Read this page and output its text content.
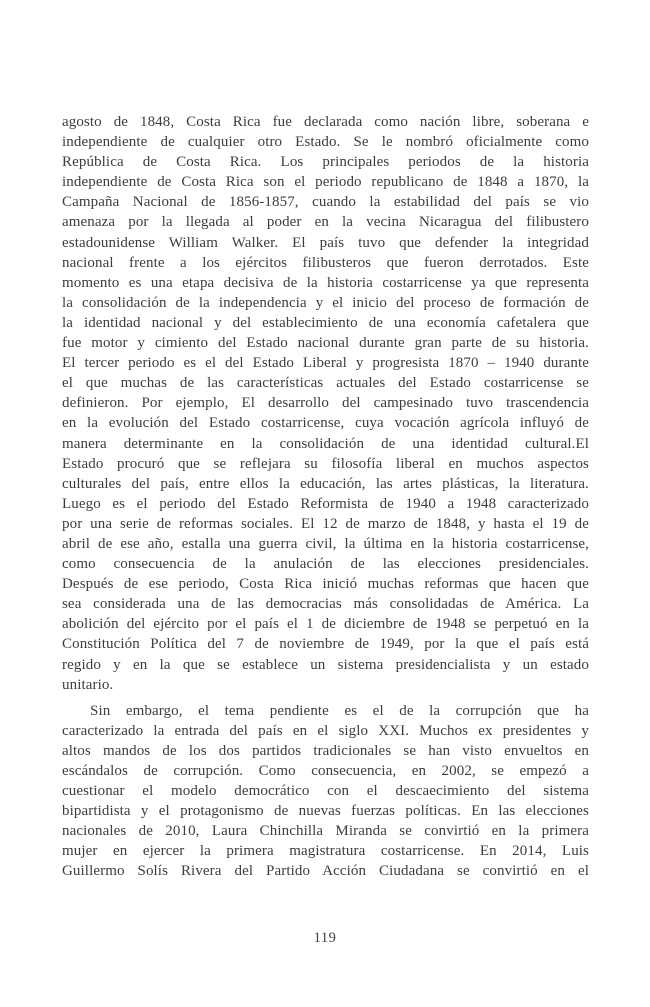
agosto de 1848, Costa Rica fue declarada como nación libre, soberana e
independiente de cualquier otro Estado. Se le nombró oficialmente como
República de Costa Rica. Los principales periodos de la historia
independiente de Costa Rica son el periodo republicano de 1848 a 1870, la
Campaña Nacional de 1856-1857, cuando la estabilidad del país se vio
amenaza por la llegada al poder en la vecina Nicaragua del filibustero
estadounidense William Walker. El país tuvo que defender la integridad
nacional frente a los ejércitos filibusteros que fueron derrotados. Este
momento es una etapa decisiva de la historia costarricense ya que representa
la consolidación de la independencia y el inicio del proceso de formación de
la identidad nacional y del establecimiento de una economía cafetalera que
fue motor y cimiento del Estado nacional durante gran parte de su historia.
El tercer periodo es el del Estado Liberal y progresista 1870 – 1940 durante
el que muchas de las características actuales del Estado costarricense se
definieron. Por ejemplo, El desarrollo del campesinado tuvo trascendencia
en la evolución del Estado costarricense, cuya vocación agrícola influyó de
manera determinante en la consolidación de una identidad cultural.El
Estado procuró que se reflejara su filosofía liberal en muchos aspectos
culturales del país, entre ellos la educación, las artes plásticas, la literatura.
Luego es el periodo del Estado Reformista de 1940 a 1948 caracterizado
por una serie de reformas sociales. El 12 de marzo de 1848, y hasta el 19 de
abril de ese año, estalla una guerra civil, la última en la historia costarricense,
como consecuencia de la anulación de las elecciones presidenciales.
Después de ese periodo, Costa Rica inició muchas reformas que hacen que
sea considerada una de las democracias más consolidadas de América. La
abolición del ejército por el país el 1 de diciembre de 1948 se perpetuó en la
Constitución Política del 7 de noviembre de 1949, por la que el país está
regido y en la que se establece un sistema presidencialista y un estado
unitario.

Sin embargo, el tema pendiente es el de la corrupción que ha
caracterizado la entrada del país en el siglo XXI. Muchos ex presidentes y
altos mandos de los dos partidos tradicionales se han visto envueltos en
escándalos de corrupción. Como consecuencia, en 2002, se empezó a
cuestionar el modelo democrático con el descaecimiento del sistema
bipartidista y el protagonismo de nuevas fuerzas políticas. En las elecciones
nacionales de 2010, Laura Chinchilla Miranda se convirtió en la primera
mujer en ejercer la primera magistratura costarricense. En 2014, Luis
Guillermo Solís Rivera del Partido Acción Ciudadana se convirtió en el

119
